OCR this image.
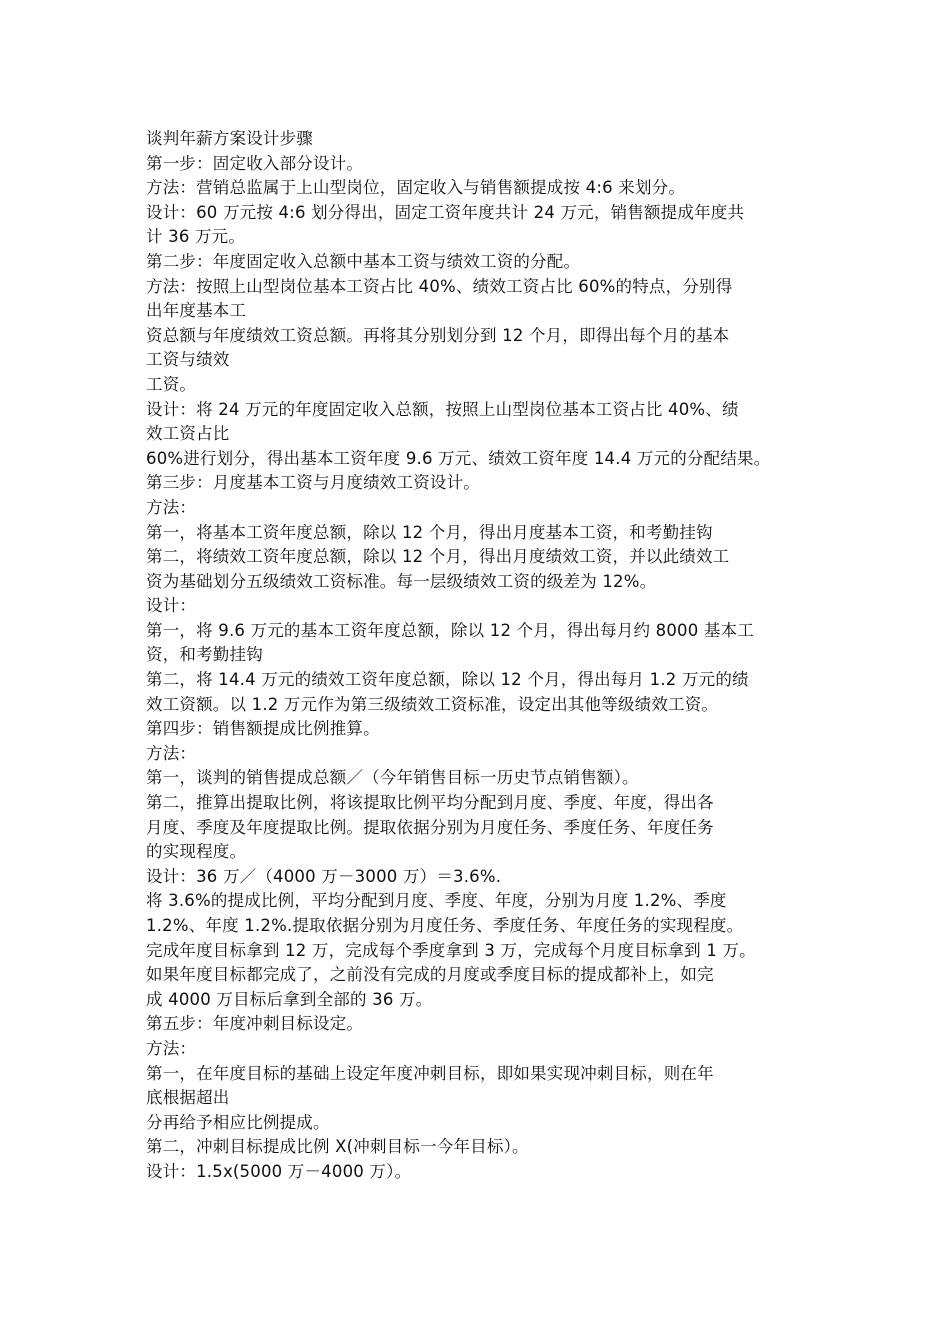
谈判年薪方案设计步骤
第一步：固定收入部分设计。
方法：营销总监属于上山型岗位，固定收入与销售额提成按 4:6 来划分。
设计：60 万元按 4:6 划分得出，固定工资年度共计 24 万元，销售额提成年度共
计 36 万元。
第二步：年度固定收入总额中基本工资与绩效工资的分配。
方法：按照上山型岗位基本工资占比 40%、绩效工资占比 60%的特点，分别得
出年度基本工
资总额与年度绩效工资总额。再将其分别划分到 12 个月，即得出每个月的基本
工资与绩效
工资。
设计：将 24 万元的年度固定收入总额，按照上山型岗位基本工资占比 40%、绩
效工资占比
60%进行划分，得出基本工资年度 9.6 万元、绩效工资年度 14.4 万元的分配结果。
第三步：月度基本工资与月度绩效工资设计。
方法：
第一，将基本工资年度总额，除以 12 个月，得出月度基本工资，和考勤挂钩
第二，将绩效工资年度总额，除以 12 个月，得出月度绩效工资，并以此绩效工
资为基础划分五级绩效工资标准。每一层级绩效工资的级差为 12%。
设计：
第一，将 9.6 万元的基本工资年度总额，除以 12 个月，得出每月约 8000 基本工
资，和考勤挂钩
第二，将 14.4 万元的绩效工资年度总额，除以 12 个月，得出每月 1.2 万元的绩
效工资额。以 1.2 万元作为第三级绩效工资标准，设定出其他等级绩效工资。
第四步：销售额提成比例推算。
方法：
第一，谈判的销售提成总额／（今年销售目标一历史节点销售额）。
第二，推算出提取比例，将该提取比例平均分配到月度、季度、年度，得出各
月度、季度及年度提取比例。提取依据分别为月度任务、季度任务、年度任务
的实现程度。
设计：36 万／（4000 万－3000 万）＝3.6%.
将 3.6%的提成比例，平均分配到月度、季度、年度，分别为月度 1.2%、季度
1.2%、年度 1.2%.提取依据分别为月度任务、季度任务、年度任务的实现程度。
完成年度目标拿到 12 万，完成每个季度拿到 3 万，完成每个月度目标拿到 1 万。
如果年度目标都完成了，之前没有完成的月度或季度目标的提成都补上，如完
成 4000 万目标后拿到全部的 36 万。
第五步：年度冲刺目标设定。
方法：
第一，在年度目标的基础上设定年度冲刺目标，即如果实现冲刺目标，则在年
底根据超出
分再给予相应比例提成。
第二，冲刺目标提成比例 X(冲刺目标一今年目标）。
设计：1.5x(5000 万－4000 万）。
